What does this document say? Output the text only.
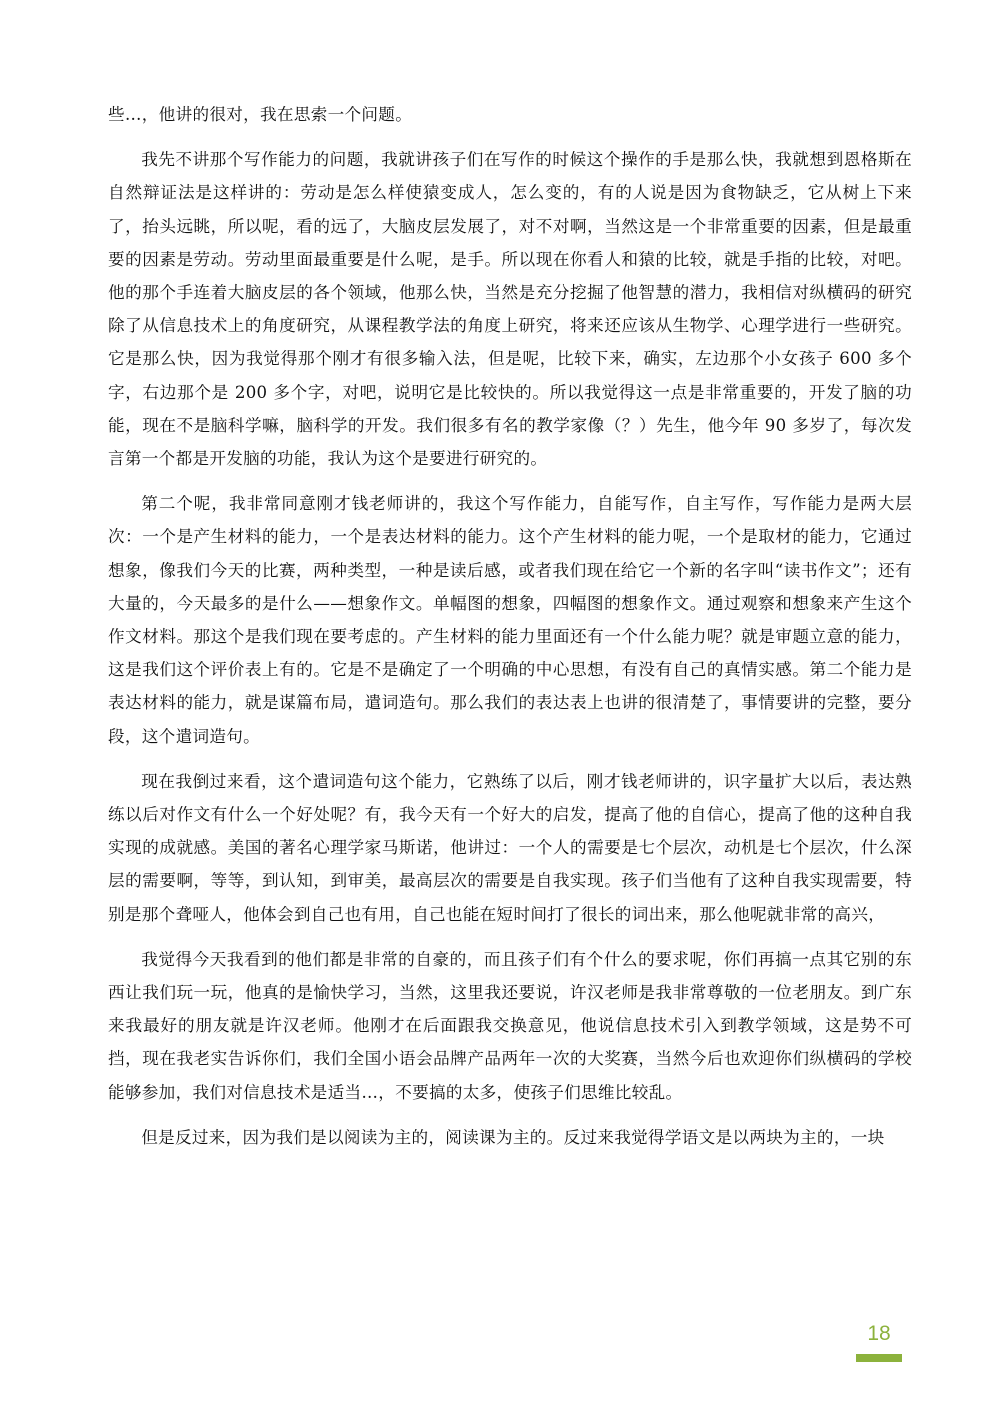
些…，他讲的很对，我在思索一个问题。

我先不讲那个写作能力的问题，我就讲孩子们在写作的时候这个操作的手是那么快，我就想到恩格斯在自然辩证法是这样讲的：劳动是怎么样使猿变成人，怎么变的，有的人说是因为食物缺乏，它从树上下来了，抬头远眺，所以呢，看的远了，大脑皮层发展了，对不对啊，当然这是一个非常重要的因素，但是最重要的因素是劳动。劳动里面最重要是什么呢，是手。所以现在你看人和猿的比较，就是手指的比较，对吧。他的那个手连着大脑皮层的各个领域，他那么快，当然是充分挖掘了他智慧的潜力，我相信对纵横码的研究除了从信息技术上的角度研究，从课程教学法的角度上研究，将来还应该从生物学、心理学进行一些研究。它是那么快，因为我觉得那个刚才有很多输入法，但是呢，比较下来，确实，左边那个小女孩子 600 多个字，右边那个是 200 多个字，对吧，说明它是比较快的。所以我觉得这一点是非常重要的，开发了脑的功能，现在不是脑科学嘛，脑科学的开发。我们很多有名的教学家像（？）先生，他今年 90 多岁了，每次发言第一个都是开发脑的功能，我认为这个是要进行研究的。

第二个呢，我非常同意刚才钱老师讲的，我这个写作能力，自能写作，自主写作，写作能力是两大层次：一个是产生材料的能力，一个是表达材料的能力。这个产生材料的能力呢，一个是取材的能力，它通过想象，像我们今天的比赛，两种类型，一种是读后感，或者我们现在给它一个新的名字叫“读书作文”；还有大量的，今天最多的是什么——想象作文。单幅图的想象，四幅图的想象作文。通过观察和想象来产生这个作文材料。那这个是我们现在要考虑的。产生材料的能力里面还有一个什么能力呢？就是审题立意的能力，这是我们这个评价表上有的。它是不是确定了一个明确的中心思想，有没有自己的真情实感。第二个能力是表达材料的能力，就是谋篇布局，遣词造句。那么我们的表达表上也讲的很清楚了，事情要讲的完整，要分段，这个遣词造句。

现在我倒过来看，这个遣词造句这个能力，它熟练了以后，刚才钱老师讲的，识字量扩大以后，表达熟练以后对作文有什么一个好处呢？有，我今天有一个好大的启发，提高了他的自信心，提高了他的这种自我实现的成就感。美国的著名心理学家马斯诺，他讲过：一个人的需要是七个层次，动机是七个层次，什么深层的需要啊，等等，到认知，到审美，最高层次的需要是自我实现。孩子们当他有了这种自我实现需要，特别是那个聋哑人，他体会到自己也有用，自己也能在短时间打了很长的词出来，那么他呢就非常的高兴，

我觉得今天我看到的他们都是非常的自豪的，而且孩子们有个什么的要求呢，你们再搞一点其它别的东西让我们玩一玩，他真的是愉快学习，当然，这里我还要说，许汉老师是我非常尊敬的一位老朋友。到广东来我最好的朋友就是许汉老师。他刚才在后面跟我交换意见，他说信息技术引入到教学领域，这是势不可挡，现在我老实告诉你们，我们全国小语会品牌产品两年一次的大奖赛，当然今后也欢迎你们纵横码的学校能够参加，我们对信息技术是适当…，不要搞的太多，使孩子们思维比较乱。

但是反过来，因为我们是以阅读为主的，阅读课为主的。反过来我觉得学语文是以两块为主的，一块

18
